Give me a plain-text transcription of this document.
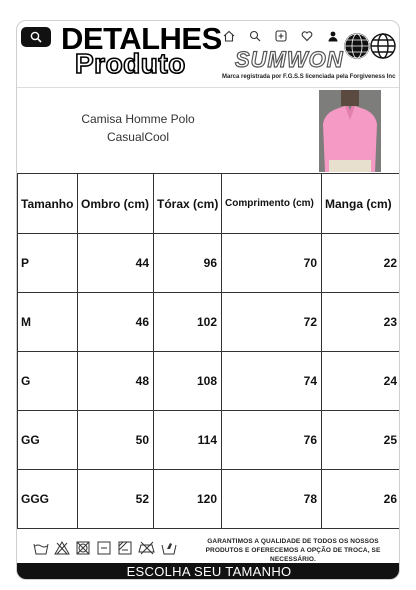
DETALHES
Produto SUMWON
Marca registrada por F.G.S.S licenciada pela Forgiveness Inc
Camisa Homme Polo CasualCool
Tamanho	Ombro (cm)	Tórax (cm)	Comprimento (cm)	Manga (cm)
P	44	96	70	22
M	46	102	72	23
G	48	108	74	24
GG	50	114	76	25
GGG	52	120	78	26
GARANTIMOS A QUALIDADE DE TODOS OS NOSSOS PRODUTOS E OFERECEMOS A OPÇÃO DE TROCA, SE NECESSÁRIO.
ESCOLHA SEU TAMANHO
